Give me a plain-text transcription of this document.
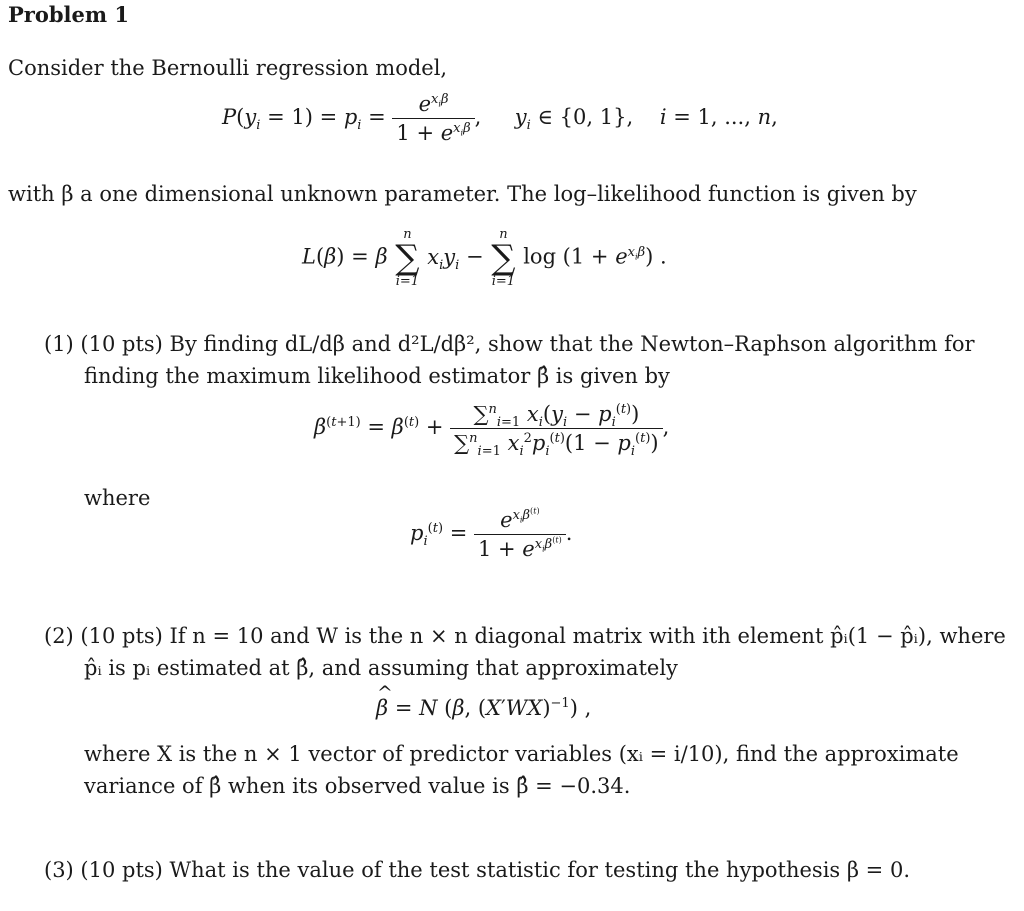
Problem 1
Consider the Bernoulli regression model,
$P(y_i = 1) = p_i = \frac{e^{x_i\beta}}{1 + e^{x_i\beta}}$ ,     $y_i$ ∈ {0, 1},    i = 1, ..., n,
with β a one dimensional unknown parameter. The log–likelihood function is given by
L(β) = β
n
∑
i=1
$x_iy_i$ −
n
∑
i=1
$\log (1 + e^{x_i\beta})$ .
(1) (10 pts) By finding dL/dβ and d²L/dβ², show that the Newton–Raphson algorithm for
finding the maximum likelihood estimator β̂ is given by
$\beta^{(t+1)} = \beta^{(t)} + \frac{\sum^n_{i=1} x_i(y_i - p_i^{(t)})}{\sum^n_{i=1} x_i^2p_i^{(t)}(1 - p_i^{(t)})}$ ,
where
$p_i^{(t)} = \frac{e^{x_i\beta^{(t)}}}{1 + e^{x_i\beta^{(t)}}}$ .
(2) (10 pts) If n = 10 and W is the n × n diagonal matrix with ith element p̂ᵢ(1 − p̂ᵢ), where
p̂ᵢ is pᵢ estimated at β̂, and assuming that approximately
^ β = N (β, $(X'WX)^{-1}$) ,
where X is the n × 1 vector of predictor variables (xᵢ = i/10), find the approximate
variance of β̂ when its observed value is β̂ = −0.34.
(3) (10 pts) What is the value of the test statistic for testing the hypothesis β = 0.
